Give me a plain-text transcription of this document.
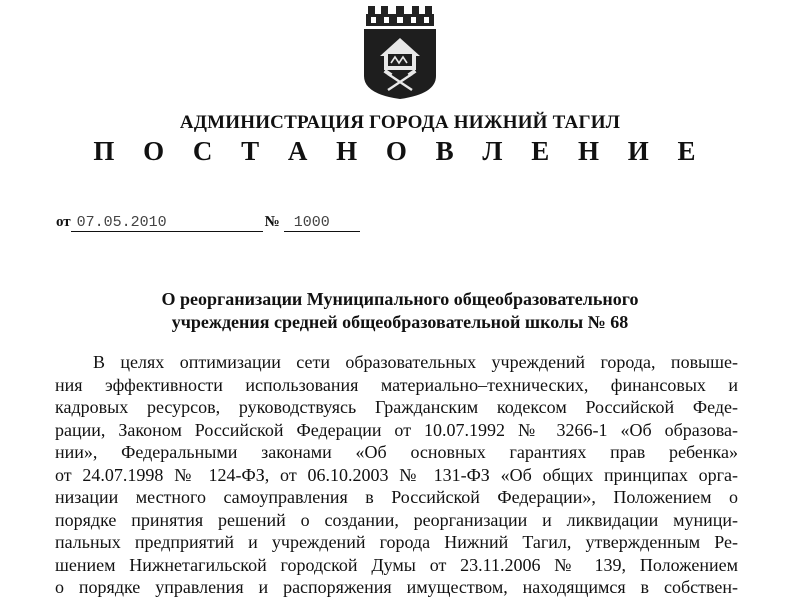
АДМИНИСТРАЦИЯ ГОРОДА НИЖНИЙ ТАГИЛ
П О С Т А Н О В Л Е Н И Е
от 07.05.2010	№ 1000
О реорганизации Муниципального общеобразовательного
учреждения средней общеобразовательной школы № 68
В целях оптимизации сети образовательных учреждений города, повыше-
ния эффективности использования материально–технических, финансовых и
кадровых ресурсов, руководствуясь Гражданским кодексом Российской Феде-
рации, Законом Российской Федерации от 10.07.1992 № 3266-1 «Об образова-
нии», Федеральными законами «Об основных гарантиях прав ребенка»
от 24.07.1998 № 124-ФЗ, от 06.10.2003 № 131-ФЗ «Об общих принципах орга-
низации местного самоуправления в Российской Федерации», Положением о
порядке принятия решений о создании, реорганизации и ликвидации муници-
пальных предприятий и учреждений города Нижний Тагил, утвержденным Ре-
шением Нижнетагильской городской Думы от 23.11.2006 № 139, Положением
о порядке управления и распоряжения имуществом, находящимся в собствен-
